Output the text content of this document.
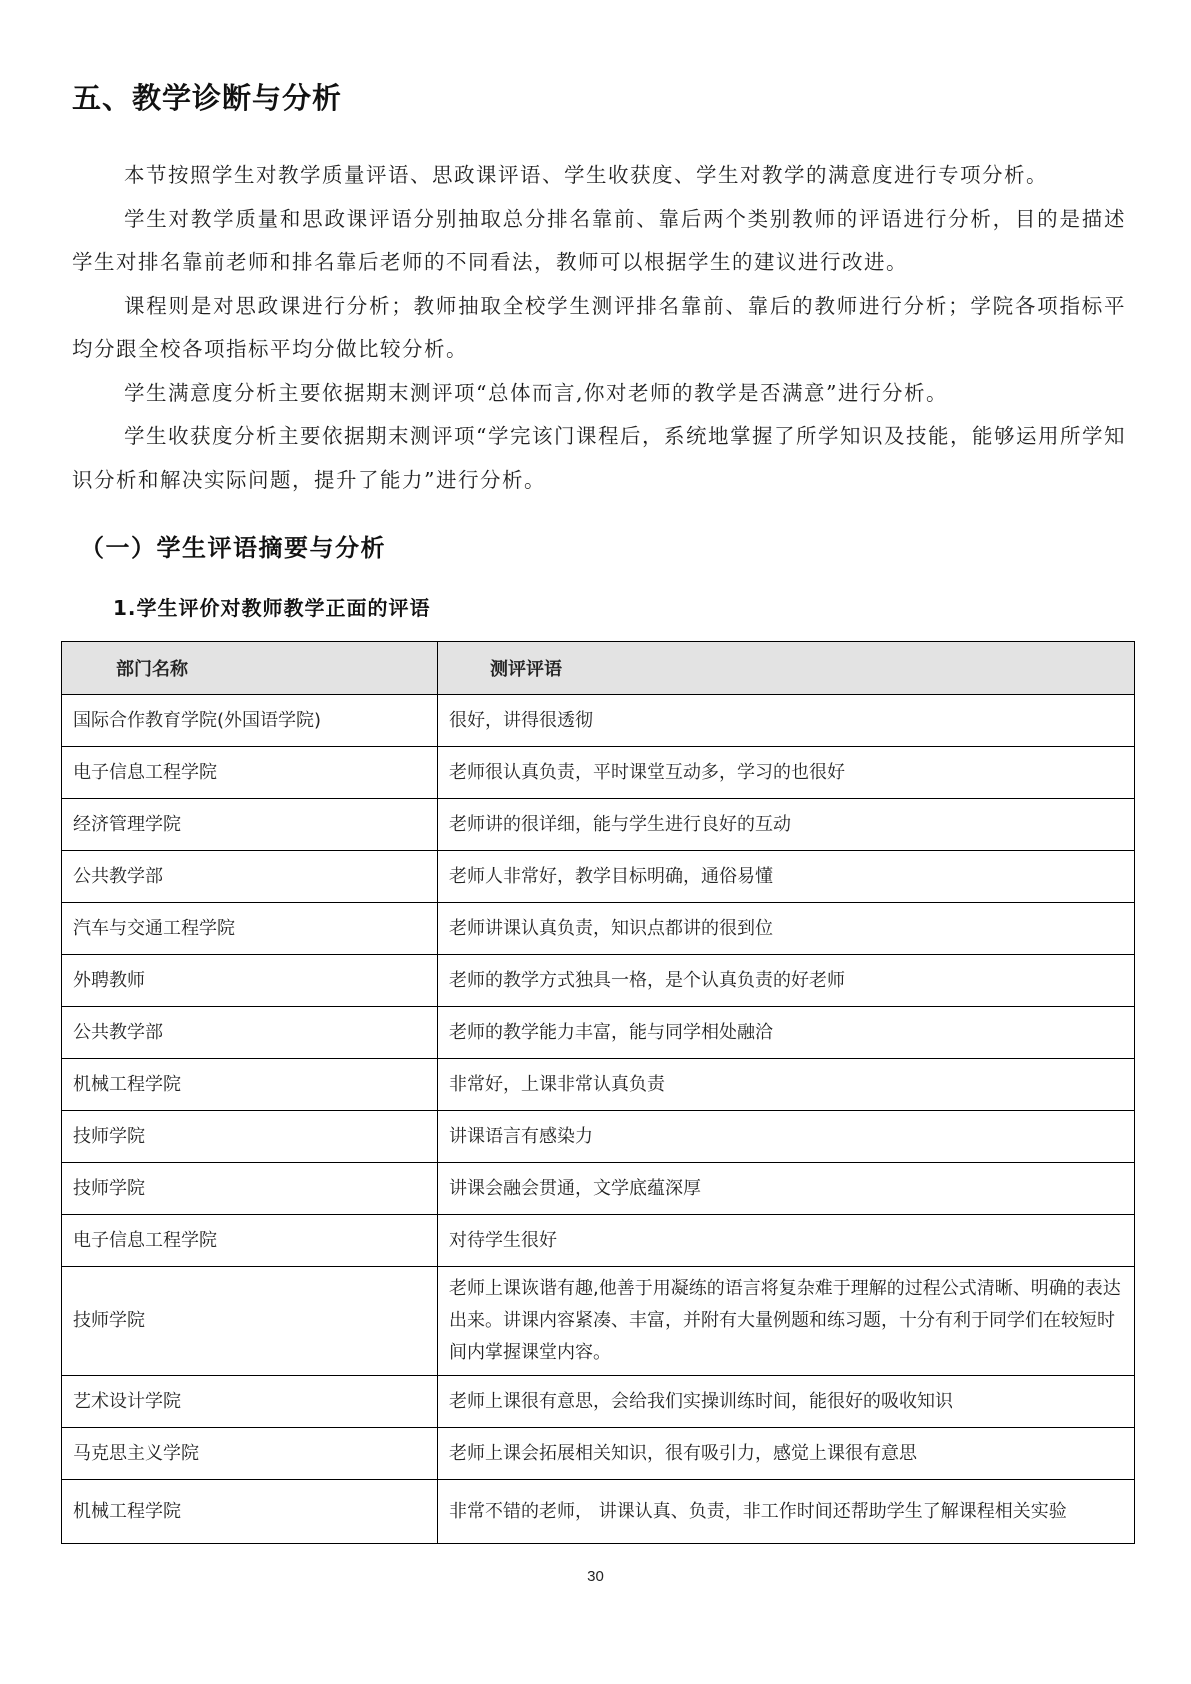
五、教学诊断与分析

本节按照学生对教学质量评语、思政课评语、学生收获度、学生对教学的满意度进行专项分析。

学生对教学质量和思政课评语分别抽取总分排名靠前、靠后两个类别教师的评语进行分析，目的是描述学生对排名靠前老师和排名靠后老师的不同看法，教师可以根据学生的建议进行改进。

课程则是对思政课进行分析；教师抽取全校学生测评排名靠前、靠后的教师进行分析；学院各项指标平均分跟全校各项指标平均分做比较分析。

学生满意度分析主要依据期末测评项“总体而言,你对老师的教学是否满意”进行分析。

学生收获度分析主要依据期末测评项“学完该门课程后，系统地掌握了所学知识及技能，能够运用所学知识分析和解决实际问题，提升了能力”进行分析。

（一）学生评语摘要与分析
1.学生评价对教师教学正面的评语
部门名称	测评评语
国际合作教育学院(外国语学院)	很好，讲得很透彻
电子信息工程学院	老师很认真负责，平时课堂互动多，学习的也很好
经济管理学院	老师讲的很详细，能与学生进行良好的互动
公共教学部	老师人非常好，教学目标明确，通俗易懂
汽车与交通工程学院	老师讲课认真负责，知识点都讲的很到位
外聘教师	老师的教学方式独具一格，是个认真负责的好老师
公共教学部	老师的教学能力丰富，能与同学相处融洽
机械工程学院	非常好，上课非常认真负责
技师学院	讲课语言有感染力
技师学院	讲课会融会贯通，文学底蕴深厚
电子信息工程学院	对待学生很好
技师学院	老师上课诙谐有趣,他善于用凝练的语言将复杂难于理解的过程公式清晰、明确的表达出来。讲课内容紧凑、丰富，并附有大量例题和练习题，十分有利于同学们在较短时间内掌握课堂内容。
艺术设计学院	老师上课很有意思，会给我们实操训练时间，能很好的吸收知识
马克思主义学院	老师上课会拓展相关知识，很有吸引力，感觉上课很有意思
机械工程学院	非常不错的老师， 讲课认真、负责，非工作时间还帮助学生了解课程相关实验
30
